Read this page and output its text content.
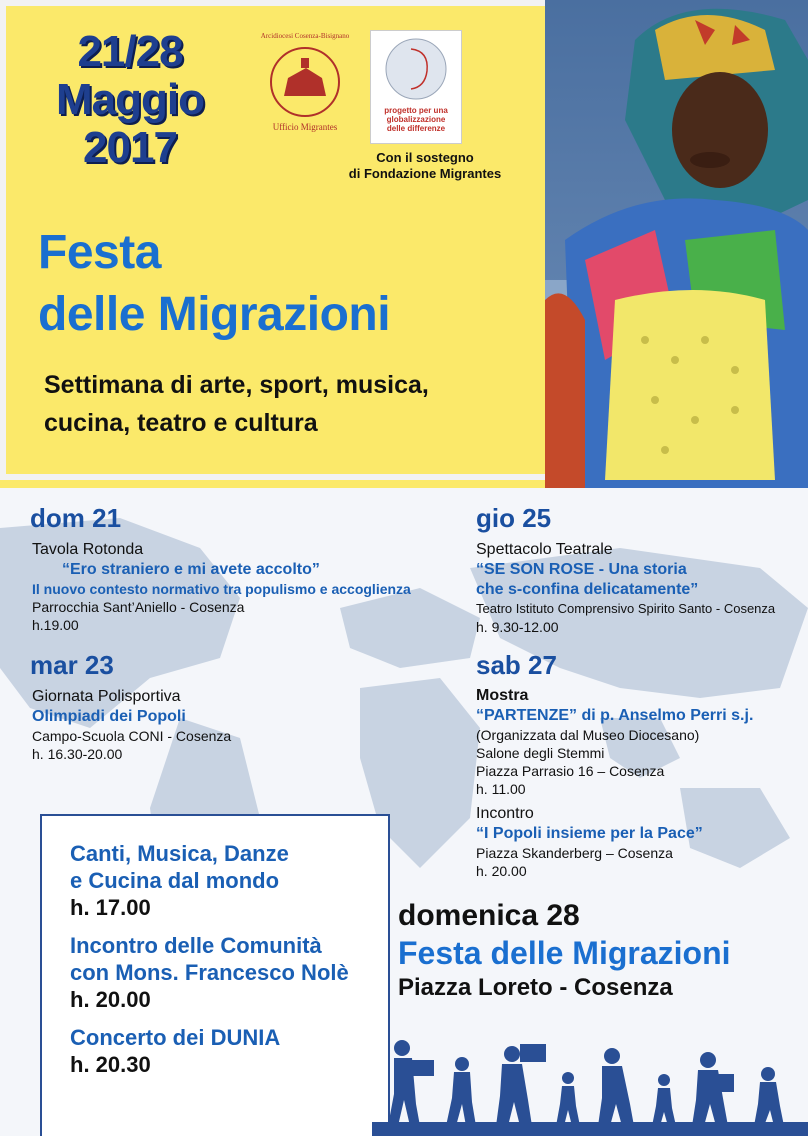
21/28
Maggio
2017
Arcidiocesi Cosenza-Bisignano
Ufficio Migrantes
progetto per una
globalizzazione
delle differenze
Con il sostegno
di Fondazione Migrantes
Festa
delle Migrazioni
Settimana di arte, sport, musica,
cucina, teatro e cultura
dom 21
Tavola Rotonda
“Ero straniero e mi avete accolto”
Il nuovo contesto normativo tra populismo e accoglienza
Parrocchia Sant’Aniello - Cosenza
h.19.00
mar 23
Giornata Polisportiva
Olimpiadi dei Popoli
Campo-Scuola CONI - Cosenza
h. 16.30-20.00
gio 25
Spettacolo Teatrale
“SE SON ROSE - Una storia
che s-confina delicatamente”
Teatro Istituto Comprensivo Spirito Santo - Cosenza
h. 9.30-12.00
sab 27
Mostra
“PARTENZE” di p. Anselmo Perri s.j.
(Organizzata dal Museo Diocesano)
Salone degli Stemmi
Piazza Parrasio 16 – Cosenza
h. 11.00
Incontro
“I Popoli insieme per la Pace”
Piazza Skanderberg – Cosenza
h. 20.00
Canti, Musica, Danze
e Cucina dal mondo
h. 17.00
Incontro delle Comunità
con Mons. Francesco Nolè
h. 20.00
Concerto dei DUNIA
h. 20.30
domenica 28
Festa delle Migrazioni
Piazza Loreto - Cosenza
